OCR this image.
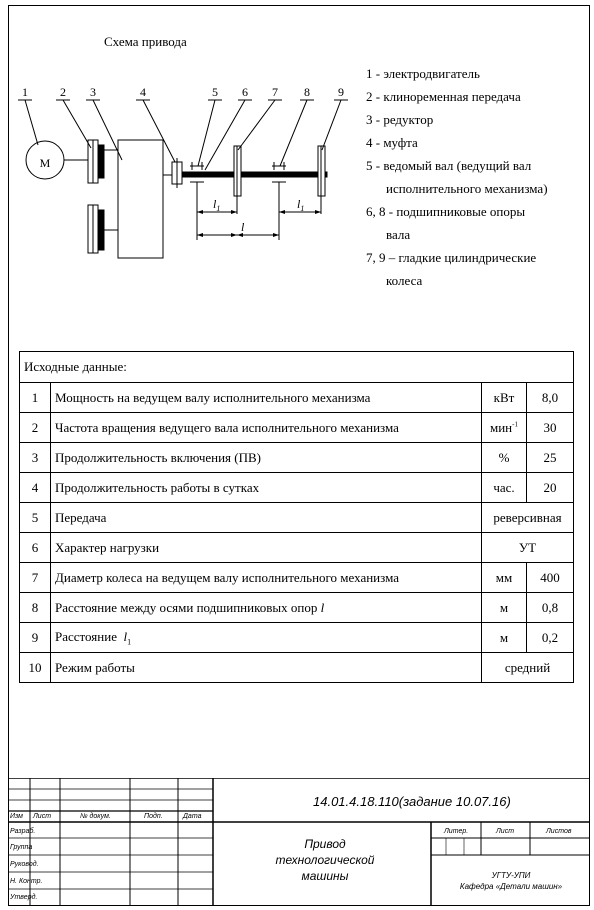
Схема привода
М
1	2 3	4	5 6 7 8 9
$l_1$
l
$l_1$
1 - электродвигатель
2 - клиноременная передача
3 - редуктор
4 - муфта
5 - ведомый вал (ведущий вал
исполнительного механизма)
6, 8 - подшипниковые опоры
вала
7, 9 – гладкие цилиндрические
колеса
Исходные данные:			
1	Мощность на ведущем валу исполнительного механизма	кВт	8,0
2	Частота вращения ведущего вала исполнительного механизма	мин$^{-1}$	30
3	Продолжительность включения (ПВ)	%	25
4	Продолжительность работы в сутках	час.	20
5	Передача	реверсивная	
6	Характер нагрузки	УТ	
7	Диаметр колеса на ведущем валу исполнительного механизма	мм	400
8	Расстояние между осями подшипниковых опор l	м	0,8
9	Расстояние $l_1$	м	0,2
10	Режим работы	средний	
14.01.4.18.110(задание 10.07.16)
Изм Лист	№ докум.	Подп.	Дата
Разраб.
Группа
Руковод.
Н. Контр.
Утверд.
Литер.	Лист	Листов
Привод
технологической
машины	УГТУ-УПИ
Кафедра «Детали машин»
